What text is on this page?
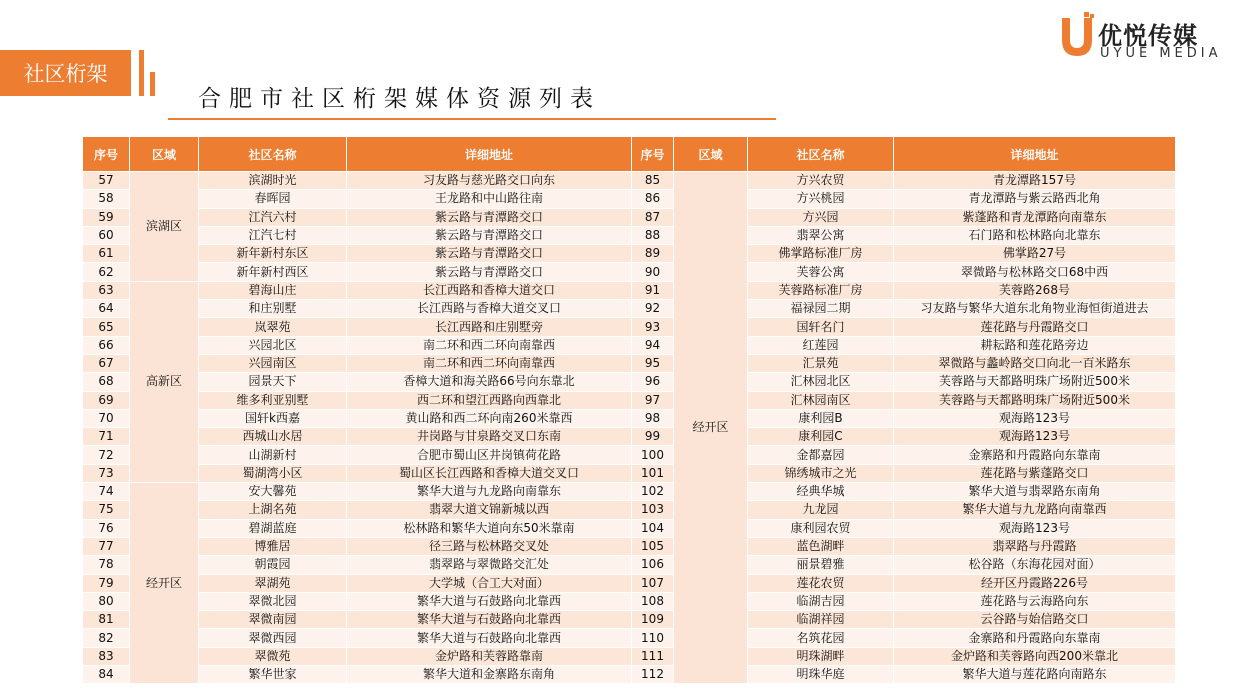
社区桁架
合肥市社区桁架媒体资源列表
优悦传媒
UYUE MEDIA
序号	区域	社区名称	详细地址	序号	区域	社区名称	详细地址
57	滨湖区	滨湖时光	习友路与慈光路交口向东	85	经开区	方兴农贸	青龙潭路157号
58		春晖园	王龙路和中山路往南	86		方兴桃园	青龙潭路与紫云路西北角
59		江汽六村	紫云路与青潭路交口	87		方兴园	紫蓬路和青龙潭路向南靠东
60		江汽七村	紫云路与青潭路交口	88		翡翠公寓	石门路和松林路向北靠东
61		新年新村东区	紫云路与青潭路交口	89		佛掌路标准厂房	佛掌路27号
62		新年新村西区	紫云路与青潭路交口	90		芙蓉公寓	翠微路与松林路交口68中西
63	高新区	碧海山庄	长江西路和香樟大道交口	91		芙蓉路标准厂房	芙蓉路268号
64		和庄别墅	长江西路与香樟大道交叉口	92		福禄园二期	习友路与繁华大道东北角物业海恒街道进去
65		岚翠苑	长江西路和庄别墅旁	93		国轩名门	莲花路与丹霞路交口
66		兴园北区	南二环和西二环向南靠西	94		红莲园	耕耘路和莲花路旁边
67		兴园南区	南二环和西二环向南靠西	95		汇景苑	翠微路与蠡岭路交口向北一百米路东
68		园景天下	香樟大道和海关路66号向东靠北	96		汇林园北区	芙蓉路与天都路明珠广场附近500米
69		维多利亚别墅	西二环和望江西路向西靠北	97		汇林园南区	芙蓉路与天都路明珠广场附近500米
70		国轩k西嘉	黄山路和西二环向南260米靠西	98		康利园B	观海路123号
71		西城山水居	井岗路与甘泉路交叉口东南	99		康利园C	观海路123号
72		山湖新村	合肥市蜀山区井岗镇荷花路	100		金都嘉园	金寨路和丹霞路向东靠南
73		蜀湖湾小区	蜀山区长江西路和香樟大道交叉口	101		锦绣城市之光	莲花路与紫蓬路交口
74	经开区	安大馨苑	繁华大道与九龙路向南靠东	102		经典华城	繁华大道与翡翠路东南角
75		上湖名苑	翡翠大道文锦新城以西	103		九龙园	繁华大道与九龙路向南靠西
76		碧湖蓝庭	松林路和繁华大道向东50米靠南	104		康利园农贸	观海路123号
77		博雅居	径三路与松林路交叉处	105		蓝色湖畔	翡翠路与丹霞路
78		朝霞园	翡翠路与翠微路交汇处	106		丽景碧雅	松谷路（东海花园对面）
79		翠湖苑	大学城（合工大对面）	107		莲花农贸	经开区丹霞路226号
80		翠微北园	繁华大道与石鼓路向北靠西	108		临湖吉园	莲花路与云海路向东
81		翠微南园	繁华大道与石鼓路向北靠西	109		临湖祥园	云谷路与始信路交口
82		翠微西园	繁华大道与石鼓路向北靠西	110		名筑花园	金寨路和丹霞路向东靠南
83		翠微苑	金炉路和芙蓉路靠南	111		明珠湖畔	金炉路和芙蓉路向西200米靠北
84		繁华世家	繁华大道和金寨路东南角	112		明珠华庭	繁华大道与莲花路向南路东
